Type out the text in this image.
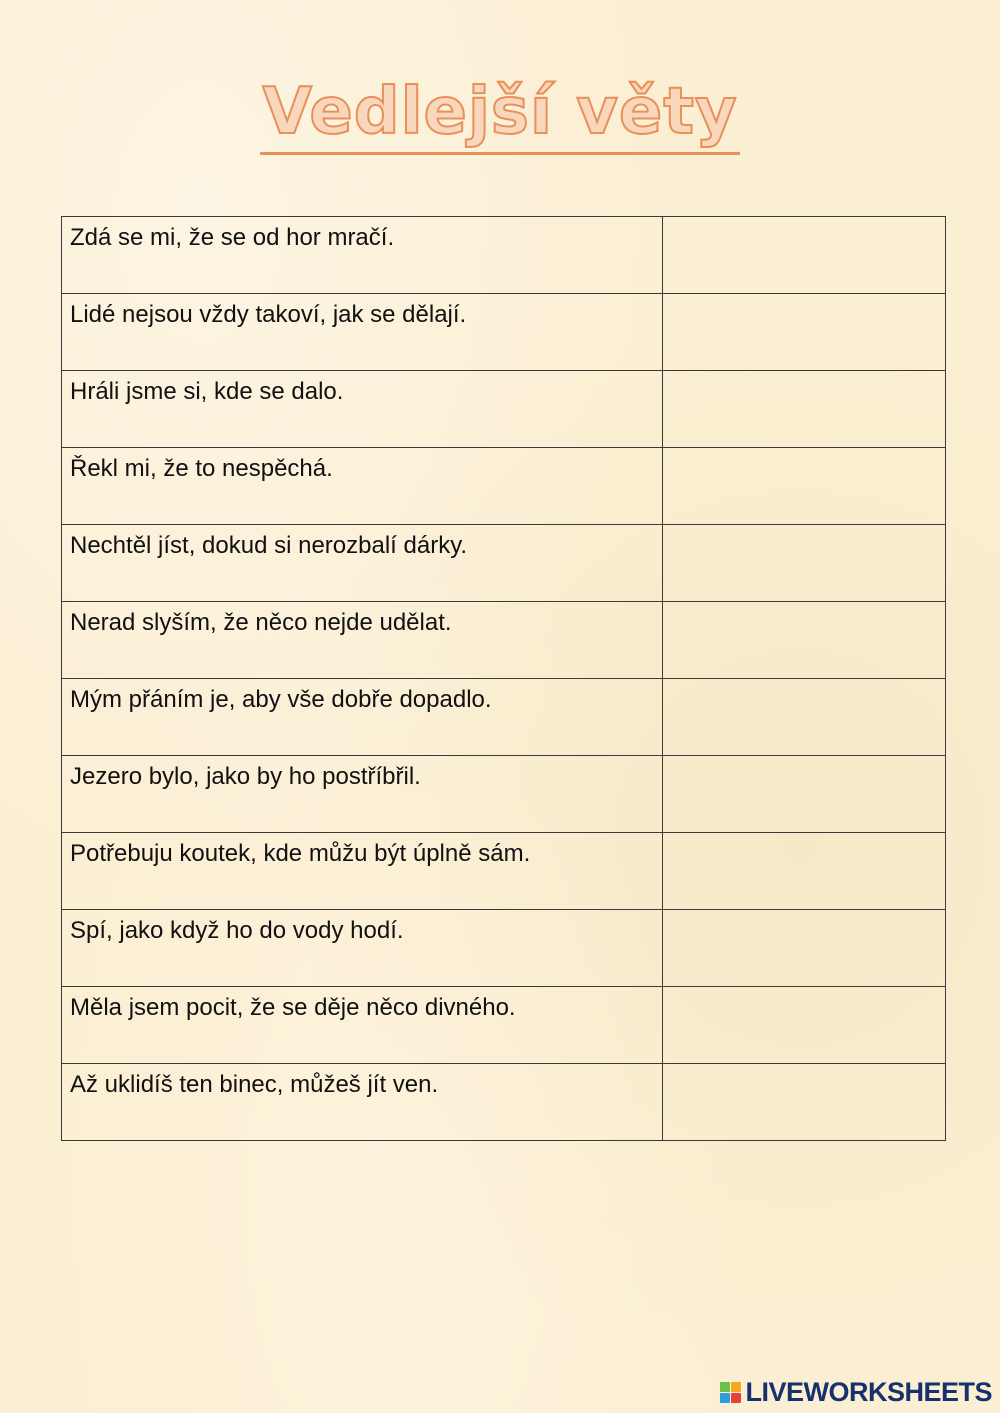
Vedlejší věty
Zdá se mi, že se od hor mračí.	
Lidé nejsou vždy takoví, jak se dělají.	
Hráli jsme si, kde se dalo.	
Řekl mi, že to nespěchá.	
Nechtěl jíst, dokud si nerozbalí dárky.	
Nerad slyším, že něco nejde udělat.	
Mým přáním je, aby vše dobře dopadlo.	
Jezero bylo, jako by ho postříbřil.	
Potřebuju koutek, kde můžu být úplně sám.	
Spí, jako když ho do vody hodí.	
Měla jsem pocit, že se děje něco divného.	
Až uklidíš ten binec, můžeš jít ven.	
LIVEWORKSHEETS
